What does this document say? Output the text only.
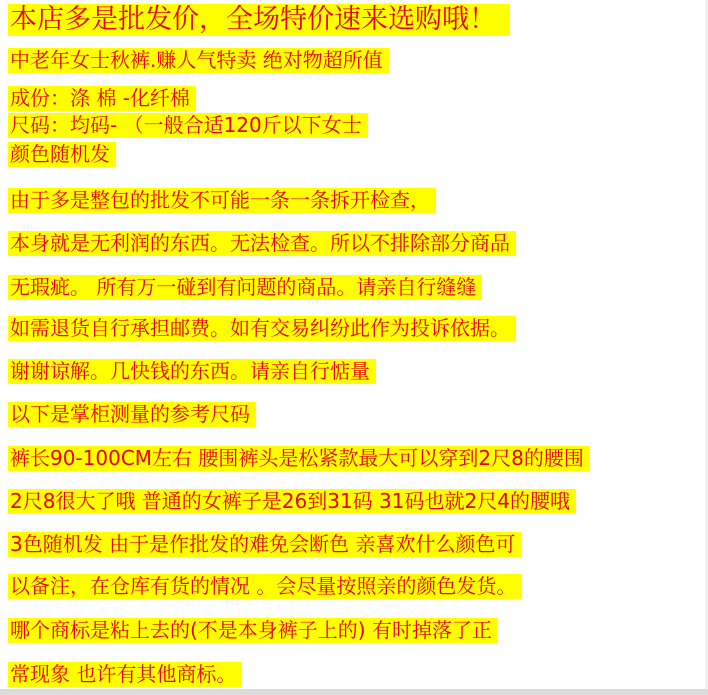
本店多是批发价，全场特价速来选购哦！
中老年女士秋裤.赚人气特卖 绝对物超所值
成份：涤 棉 -化纤棉
尺码：均码- （一般合适120斤以下女士
颜色随机发
由于多是整包的批发不可能一条一条拆开检查，
本身就是无利润的东西。无法检查。所以不排除部分商品
无瑕疵。 所有万一碰到有问题的商品。请亲自行缝缝
如需退货自行承担邮费。如有交易纠纷此作为投诉依据。
谢谢谅解。几快钱的东西。请亲自行惦量
以下是掌柜测量的参考尺码
裤长90-100CM左右 腰围裤头是松紧款最大可以穿到2尺8的腰围
2尺8很大了哦 普通的女裤子是26到31码 31码也就2尺4的腰哦
3色随机发 由于是作批发的难免会断色 亲喜欢什么颜色可
以备注，在仓库有货的情况 。会尽量按照亲的颜色发货。
哪个商标是粘上去的(不是本身裤子上的) 有时掉落了正
常现象 也许有其他商标。
